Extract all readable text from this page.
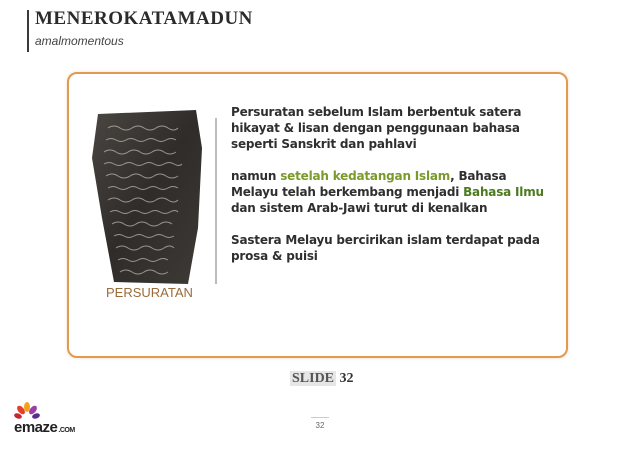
MENEROKATAMADUN
amalmomentous
PERSURATAN

Persuratan sebelum Islam berbentuk satera hikayat & lisan dengan penggunaan bahasa seperti Sanskrit dan pahlavi

namun setelah kedatangan Islam, Bahasa Melayu telah berkembang menjadi Bahasa Ilmu dan sistem Arab-Jawi turut di kenalkan

Sastera Melayu bercirikan islam terdapat pada prosa & puisi

SLIDE 32
32
emaze.COM
